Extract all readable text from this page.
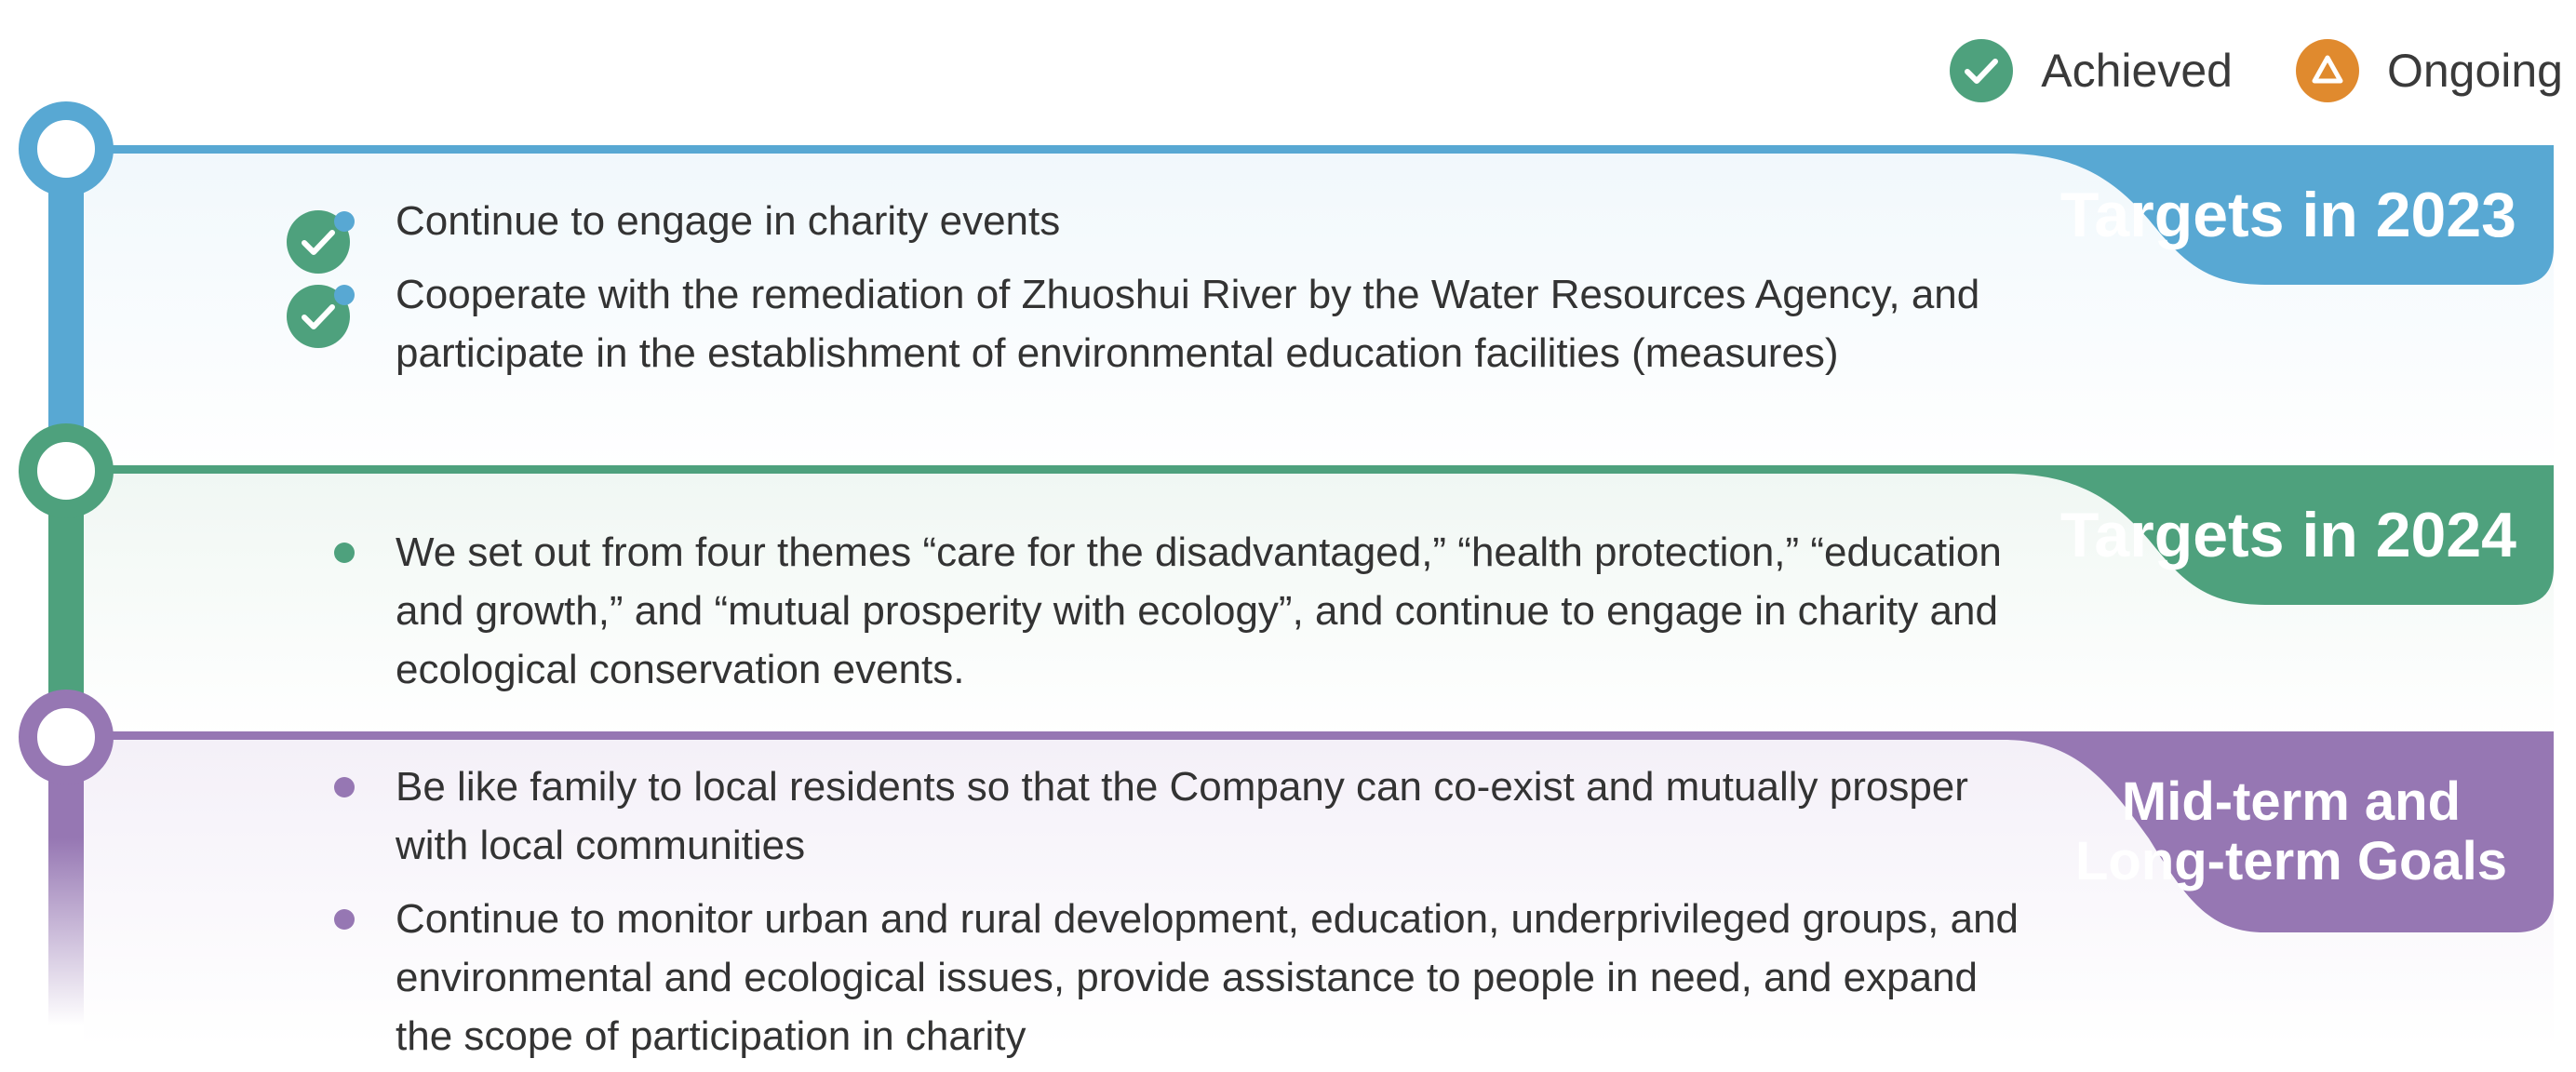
Achieved	Ongoing
Targets in 2023
Continue to engage in charity events
Cooperate with the remediation of Zhuoshui River by the Water Resources Agency, and participate in the establishment of environmental education facilities (measures)
Targets in 2024
We set out from four themes “care for the disadvantaged,” “health protection,” “education and growth,” and “mutual prosperity with ecology”, and continue to engage in charity and ecological conservation events.
Mid-term and
Long-term Goals
Be like family to local residents so that the Company can co-exist and mutually prosper with local communities
Continue to monitor urban and rural development, education, underprivileged groups, and environmental and ecological issues, provide assistance to people in need, and expand the scope of participation in charity
